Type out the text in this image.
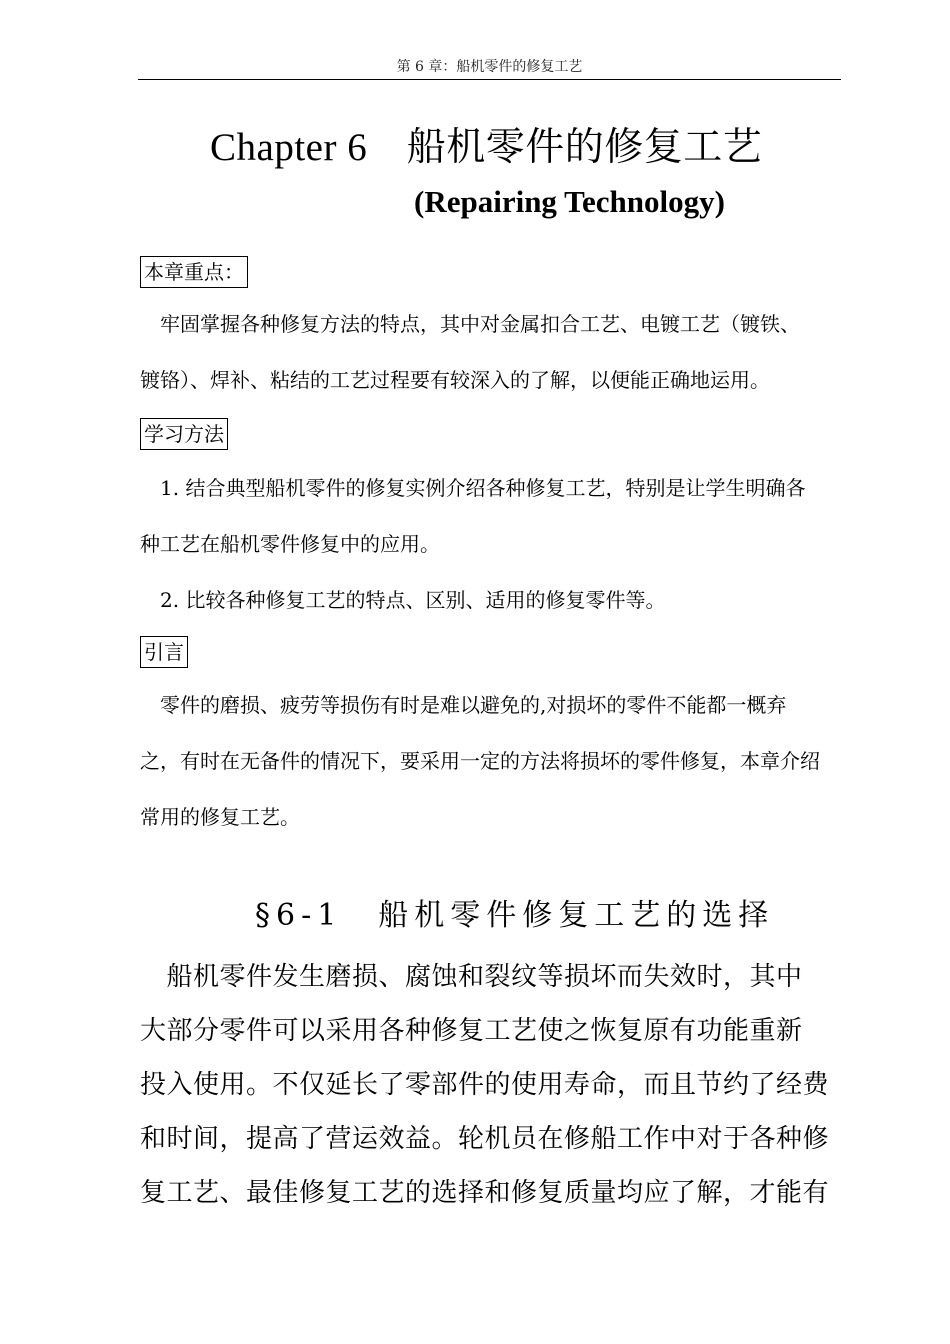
第 6 章：船机零件的修复工艺
Chapter 6　船机零件的修复工艺
(Repairing Technology)
本章重点：
　牢固掌握各种修复方法的特点，其中对金属扣合工艺、电镀工艺（镀铁、
镀铬）、焊补、粘结的工艺过程要有较深入的了解，以便能正确地运用。
学习方法
　1. 结合典型船机零件的修复实例介绍各种修复工艺，特别是让学生明确各
种工艺在船机零件修复中的应用。
　2. 比较各种修复工艺的特点、区别、适用的修复零件等。
引言
　零件的磨损、疲劳等损伤有时是难以避免的,对损坏的零件不能都一概弃
之，有时在无备件的情况下，要采用一定的方法将损坏的零件修复，本章介绍
常用的修复工艺。
§6-1　船机零件修复工艺的选择
　船机零件发生磨损、腐蚀和裂纹等损坏而失效时，其中
大部分零件可以采用各种修复工艺使之恢复原有功能重新
投入使用。不仅延长了零部件的使用寿命，而且节约了经费
和时间，提高了营运效益。轮机员在修船工作中对于各种修
复工艺、最佳修复工艺的选择和修复质量均应了解，才能有
